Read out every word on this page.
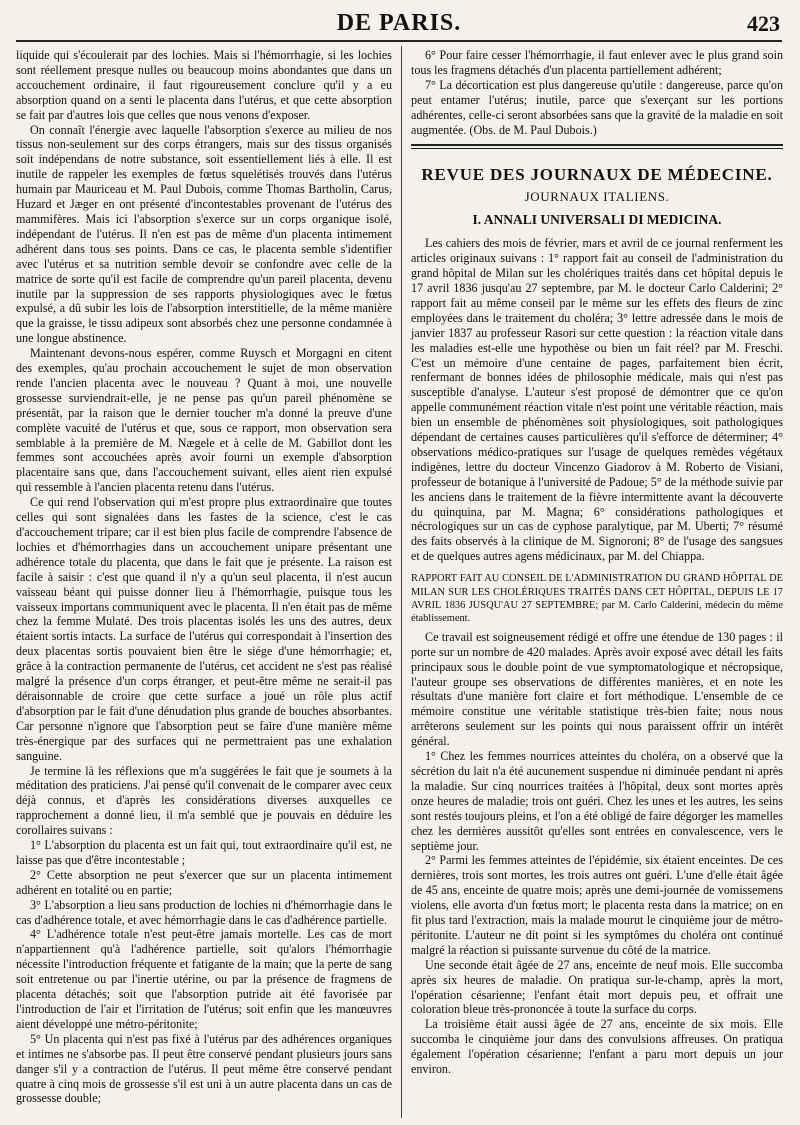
DE PARIS.	423

liquide qui s'écoulerait par des lochies. Mais si l'hémorrhagie, si les lochies sont réellement presque nulles ou beaucoup moins abondantes que dans un accouchement ordinaire, il faut rigoureusement conclure qu'il y a eu absorption quand on a senti le placenta dans l'utérus, et que cette absorption se fait par d'autres lois que celles que nous venons d'exposer.

On connaît l'énergie avec laquelle l'absorption s'exerce au milieu de nos tissus non-seulement sur des corps étrangers, mais sur des tissus organisés soit indépendans de notre substance, soit essentiellement liés à elle. Il est inutile de rappeler les exemples de fœtus squelétisés trouvés dans l'utérus humain par Mauriceau et M. Paul Dubois, comme Thomas Bartholin, Carus, Huzard et Jæger en ont présenté d'incontestables provenant de l'utérus des mammifères. Mais ici l'absorption s'exerce sur un corps organique isolé, indépendant de l'utérus. Il n'en est pas de même d'un placenta intimement adhérent dans tous ses points. Dans ce cas, le placenta semble s'identifier avec l'utérus et sa nutrition semble devoir se confondre avec celle de la matrice de sorte qu'il est facile de comprendre qu'un pareil placenta, devenu inutile par la suppression de ses rapports physiologiques avec le fœtus expulsé, a dû subir les lois de l'absorption interstitielle, de la même manière que la graisse, le tissu adipeux sont absorbés chez une personne condamnée à une longue abstinence.

Maintenant devons-nous espérer, comme Ruysch et Morgagni en citent des exemples, qu'au prochain accouchement le sujet de mon observation rende l'ancien placenta avec le nouveau ? Quant à moi, une nouvelle grossesse surviendrait-elle, je ne pense pas qu'un pareil phénomène se présentât, par la raison que le dernier toucher m'a donné la preuve d'une complète vacuité de l'utérus et que, sous ce rapport, mon observation sera semblable à la première de M. Nægele et à celle de M. Gabillot dont les femmes sont accouchées après avoir fourni un exemple d'absorption placentaire sans que, dans l'accouchement suivant, elles aient rien expulsé qui ressemble à l'ancien placenta retenu dans l'utérus.

Ce qui rend l'observation qui m'est propre plus extraordinaire que toutes celles qui sont signalées dans les fastes de la science, c'est le cas d'accouchement tripare; car il est bien plus facile de comprendre l'absence de lochies et d'hémorrhagies dans un accouchement unipare présentant une adhérence totale du placenta, que dans le fait que je présente. La raison est facile à saisir : c'est que quand il n'y a qu'un seul placenta, il n'est aucun vaisseau béant qui puisse donner lieu à l'hémorrhagie, puisque tous les vaisseux importans communiquent avec le placenta. Il n'en était pas de même chez la femme Mulaté. Des trois placentas isolés les uns des autres, deux étaient sortis intacts. La surface de l'utérus qui correspondait à l'insertion des deux placentas sortis pouvaient bien être le siége d'une hémorrhagie; et, grâce à la contraction permanente de l'utérus, cet accident ne s'est pas réalisé malgré la présence d'un corps étranger, et peut-être même ne serait-il pas déraisonnable de croire que cette surface a joué un rôle plus actif d'absorption par le fait d'une dénudation plus grande de bouches absorbantes. Car personne n'ignore que l'absorption peut se faire d'une manière même très-énergique par des surfaces qui ne permettraient pas une exhalation sanguine.

Je termine là les réflexions que m'a suggérées le fait que je soumets à la méditation des praticiens. J'ai pensé qu'il convenait de le comparer avec ceux déjà connus, et d'après les considérations diverses auxquelles ce rapprochement a donné lieu, il m'a semblé que je pouvais en déduire les corollaires suivans :

1° L'absorption du placenta est un fait qui, tout extraordinaire qu'il est, ne laisse pas que d'être incontestable ;

2° Cette absorption ne peut s'exercer que sur un placenta intimement adhérent en totalité ou en partie;

3° L'absorption a lieu sans production de lochies ni d'hémorrhagie dans le cas d'adhérence totale, et avec hémorrhagie dans le cas d'adhérence partielle.

4° L'adhérence totale n'est peut-être jamais mortelle. Les cas de mort n'appartiennent qu'à l'adhérence partielle, soit qu'alors l'hémorrhagie nécessite l'introduction fréquente et fatigante de la main; que la perte de sang soit entretenue ou par l'inertie utérine, ou par la présence de fragmens de placenta détachés; soit que l'absorption putride ait été favorisée par l'introduction de l'air et l'irritation de l'utérus; soit enfin que les manœuvres aient développé une métro-péritonite;

5° Un placenta qui n'est pas fixé à l'utérus par des adhérences organiques et intimes ne s'absorbe pas. Il peut être conservé pendant plusieurs jours sans danger s'il y a contraction de l'utérus. Il peut même être conservé pendant quatre à cinq mois de grossesse s'il est uni à un autre placenta dans un cas de grossesse double;

6° Pour faire cesser l'hémorrhagie, il faut enlever avec le plus grand soin tous les fragmens détachés d'un placenta partiellement adhérent;

7° La décortication est plus dangereuse qu'utile : dangereuse, parce qu'on peut entamer l'utérus; inutile, parce que s'exerçant sur les portions adhérentes, celle-ci seront absorbées sans que la gravité de la maladie en soit augmentée. (Obs. de M. Paul Dubois.)

REVUE DES JOURNAUX DE MÉDECINE.
JOURNAUX ITALIENS.
I. ANNALI UNIVERSALI DI MEDICINA.

Les cahiers des mois de février, mars et avril de ce journal renferment les articles originaux suivans : 1° rapport fait au conseil de l'administration du grand hôpital de Milan sur les cholériques traités dans cet hôpital depuis le 17 avril 1836 jusqu'au 27 septembre, par M. le docteur Carlo Calderini; 2° rapport fait au même conseil par le même sur les effets des fleurs de zinc employées dans le traitement du choléra; 3° lettre adressée dans le mois de janvier 1837 au professeur Rasori sur cette question : la réaction vitale dans les maladies est-elle une hypothèse ou bien un fait réel? par M. Freschi. C'est un mémoire d'une centaine de pages, parfaitement bien écrit, renfermant de bonnes idées de philosophie médicale, mais qui n'est pas susceptible d'analyse. L'auteur s'est proposé de démontrer que ce qu'on appelle communément réaction vitale n'est point une véritable réaction, mais bien un ensemble de phénomènes soit physiologiques, soit pathologiques dépendant de certaines causes particulières qu'il s'efforce de déterminer; 4° observations médico-pratiques sur l'usage de quelques remèdes végétaux indigènes, lettre du docteur Vincenzo Giadorov à M. Roberto de Visiani, professeur de botanique à l'université de Padoue; 5° de la méthode suivie par les anciens dans le traitement de la fièvre intermittente avant la découverte du quinquina, par M. Magna; 6° considérations pathologiques et nécrologiques sur un cas de cyphose paralytique, par M. Uberti; 7° résumé des faits observés à la clinique de M. Signoroni; 8° de l'usage des sangsues et de quelques autres agens médicinaux, par M. del Chiappa.

RAPPORT FAIT AU CONSEIL DE L'ADMINISTRATION DU GRAND HÔPITAL DE MILAN SUR LES CHOLÉRIQUES TRAITÉS DANS CET HÔPITAL, DEPUIS LE 17 AVRIL 1836 JUSQU'AU 27 SEPTEMBRE; par M. Carlo Calderini, médecin du même établissement.

Ce travail est soigneusement rédigé et offre une étendue de 130 pages : il porte sur un nombre de 420 malades. Après avoir exposé avec détail les faits principaux sous le double point de vue symptomatologique et nécropsique, l'auteur groupe ses observations de différentes manières, et en note les résultats d'une manière fort claire et fort méthodique. L'ensemble de ce mémoire constitue une véritable statistique très-bien faite; nous nous arrêterons seulement sur les points qui nous paraissent offrir un intérêt général.

1° Chez les femmes nourrices atteintes du choléra, on a observé que la sécrétion du lait n'a été aucunement suspendue ni diminuée pendant ni après la maladie. Sur cinq nourrices traitées à l'hôpital, deux sont mortes après onze heures de maladie; trois ont guéri. Chez les unes et les autres, les seins sont restés toujours pleins, et l'on a été obligé de faire dégorger les mamelles chez les dernières aussitôt qu'elles sont entrées en convalescence, vers le septième jour.

2° Parmi les femmes atteintes de l'épidémie, six étaient enceintes. De ces dernières, trois sont mortes, les trois autres ont guéri. L'une d'elle était âgée de 45 ans, enceinte de quatre mois; après une demi-journée de vomissemens violens, elle avorta d'un fœtus mort; le placenta resta dans la matrice; on en fit plus tard l'extraction, mais la malade mourut le cinquième jour de métro-péritonite. L'auteur ne dit point si les symptômes du choléra ont continué malgré la réaction si puissante survenue du côté de la matrice.

Une seconde était âgée de 27 ans, enceinte de neuf mois. Elle succomba après six heures de maladie. On pratiqua sur-le-champ, après la mort, l'opération césarienne; l'enfant était mort depuis peu, et offrait une coloration bleue très-prononcée à toute la surface du corps.

La troisième était aussi âgée de 27 ans, enceinte de six mois. Elle succomba le cinquième jour dans des convulsions affreuses. On pratiqua également l'opération césarienne; l'enfant a paru mort depuis un jour environ.
